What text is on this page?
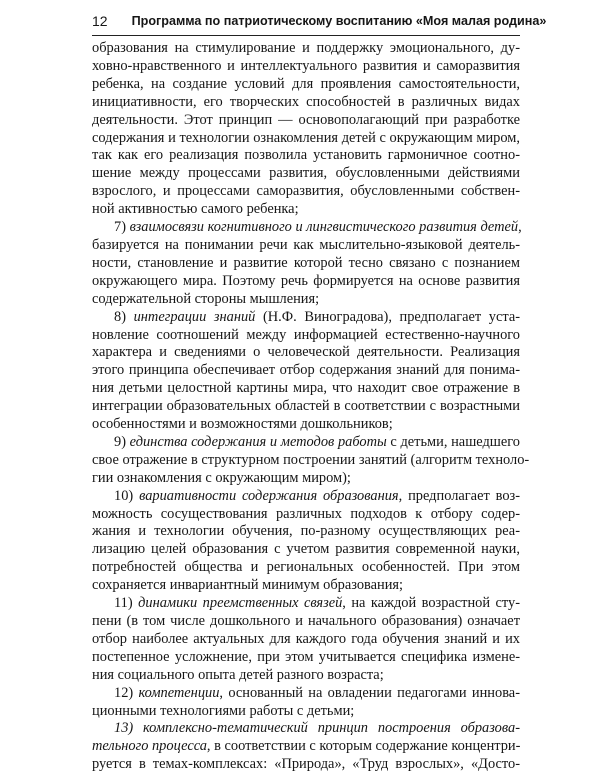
12 Программа по патриотическому воспитанию «Моя малая родина»
образования на стимулирование и поддержку эмоционального, ду-
ховно-нравственного и интеллектуального развития и саморазвития
ребенка, на создание условий для проявления самостоятельности,
инициативности, его творческих способностей в различных видах
деятельности. Этот принцип — основополагающий при разработке
содержания и технологии ознакомления детей с окружающим миром,
так как его реализация позволила установить гармоничное соотно-
шение между процессами развития, обусловленными действиями
взрослого, и процессами саморазвития, обусловленными собствен-
ной активностью самого ребенка;
7) взаимосвязи когнитивного и лингвистического развития детей,
базируется на понимании речи как мыслительно-языковой деятель-
ности, становление и развитие которой тесно связано с познанием
окружающего мира. Поэтому речь формируется на основе развития
содержательной стороны мышления;
8) интеграции знаний (Н.Ф. Виноградова), предполагает уста-
новление соотношений между информацией естественно-научного
характера и сведениями о человеческой деятельности. Реализация
этого принципа обеспечивает отбор содержания знаний для понима-
ния детьми целостной картины мира, что находит свое отражение в
интеграции образовательных областей в соответствии с возрастными
особенностями и возможностями дошкольников;
9) единства содержания и методов работы с детьми, нашедшего
свое отражение в структурном построении занятий (алгоритм техноло-
гии ознакомления с окружающим миром);
10) вариативности содержания образования, предполагает воз-
можность сосуществования различных подходов к отбору содер-
жания и технологии обучения, по-разному осуществляющих реа-
лизацию целей образования с учетом развития современной науки,
потребностей общества и региональных особенностей. При этом
сохраняется инвариантный минимум образования;
11) динамики преемственных связей, на каждой возрастной сту-
пени (в том числе дошкольного и начального образования) означает
отбор наиболее актуальных для каждого года обучения знаний и их
постепенное усложнение, при этом учитывается специфика измене-
ния социального опыта детей разного возраста;
12) компетенции, основанный на овладении педагогами иннова-
ционными технологиями работы с детьми;
13) комплексно-тематический принцип построения образова-
тельного процесса, в соответствии с которым содержание концентри-
руется в темах-комплексах: «Природа», «Труд взрослых», «Досто-
